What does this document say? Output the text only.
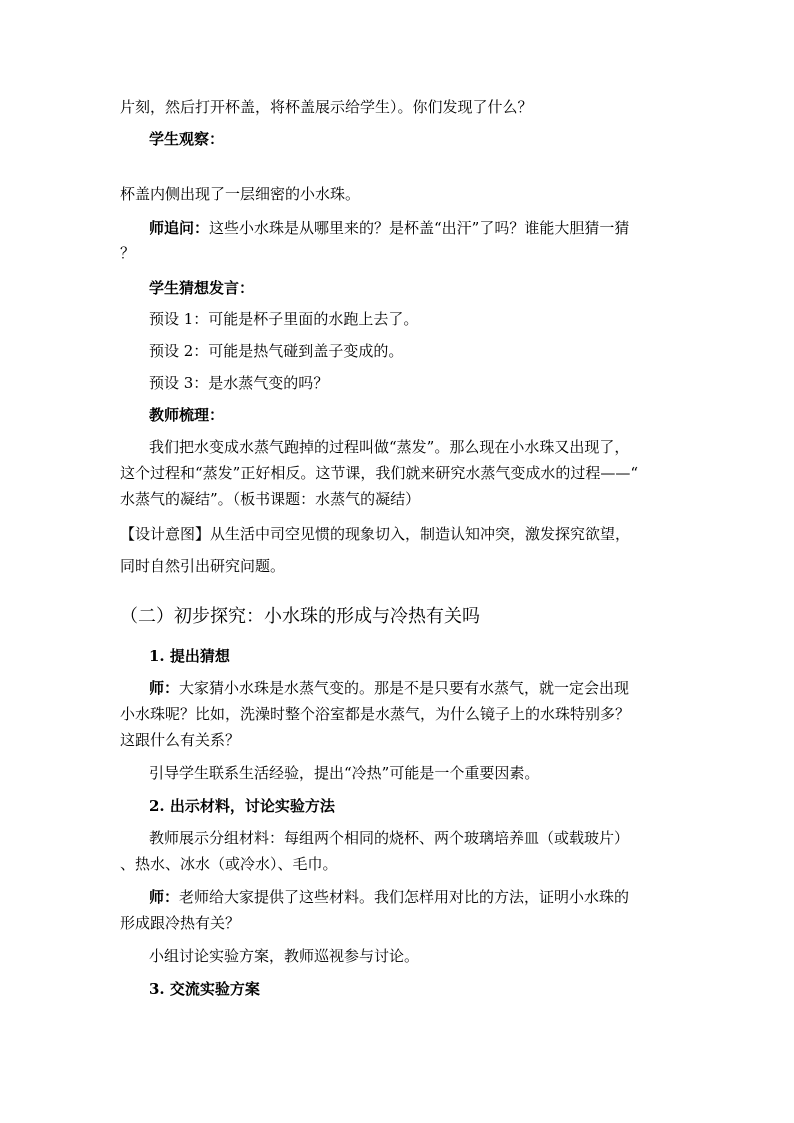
片刻，然后打开杯盖，将杯盖展示给学生）。你们发现了什么？
学生观察：
杯盖内侧出现了一层细密的小水珠。
师追问：这些小水珠是从哪里来的？是杯盖“出汗”了吗？谁能大胆猜一猜
？
学生猜想发言：
预设 1：可能是杯子里面的水跑上去了。
预设 2：可能是热气碰到盖子变成的。
预设 3：是水蒸气变的吗？
教师梳理：
我们把水变成水蒸气跑掉的过程叫做“蒸发”。那么现在小水珠又出现了，
这个过程和“蒸发”正好相反。这节课，我们就来研究水蒸气变成水的过程——“
水蒸气的凝结”。（板书课题：水蒸气的凝结）
【设计意图】从生活中司空见惯的现象切入，制造认知冲突，激发探究欲望，
同时自然引出研究问题。
（二）初步探究：小水珠的形成与冷热有关吗
1. 提出猜想
师：大家猜小水珠是水蒸气变的。那是不是只要有水蒸气，就一定会出现
小水珠呢？比如，洗澡时整个浴室都是水蒸气，为什么镜子上的水珠特别多？
这跟什么有关系？
引导学生联系生活经验，提出“冷热”可能是一个重要因素。
2. 出示材料，讨论实验方法
教师展示分组材料：每组两个相同的烧杯、两个玻璃培养皿（或载玻片）
、热水、冰水（或冷水）、毛巾。
师：老师给大家提供了这些材料。我们怎样用对比的方法，证明小水珠的
形成跟冷热有关？
小组讨论实验方案，教师巡视参与讨论。
3. 交流实验方案
